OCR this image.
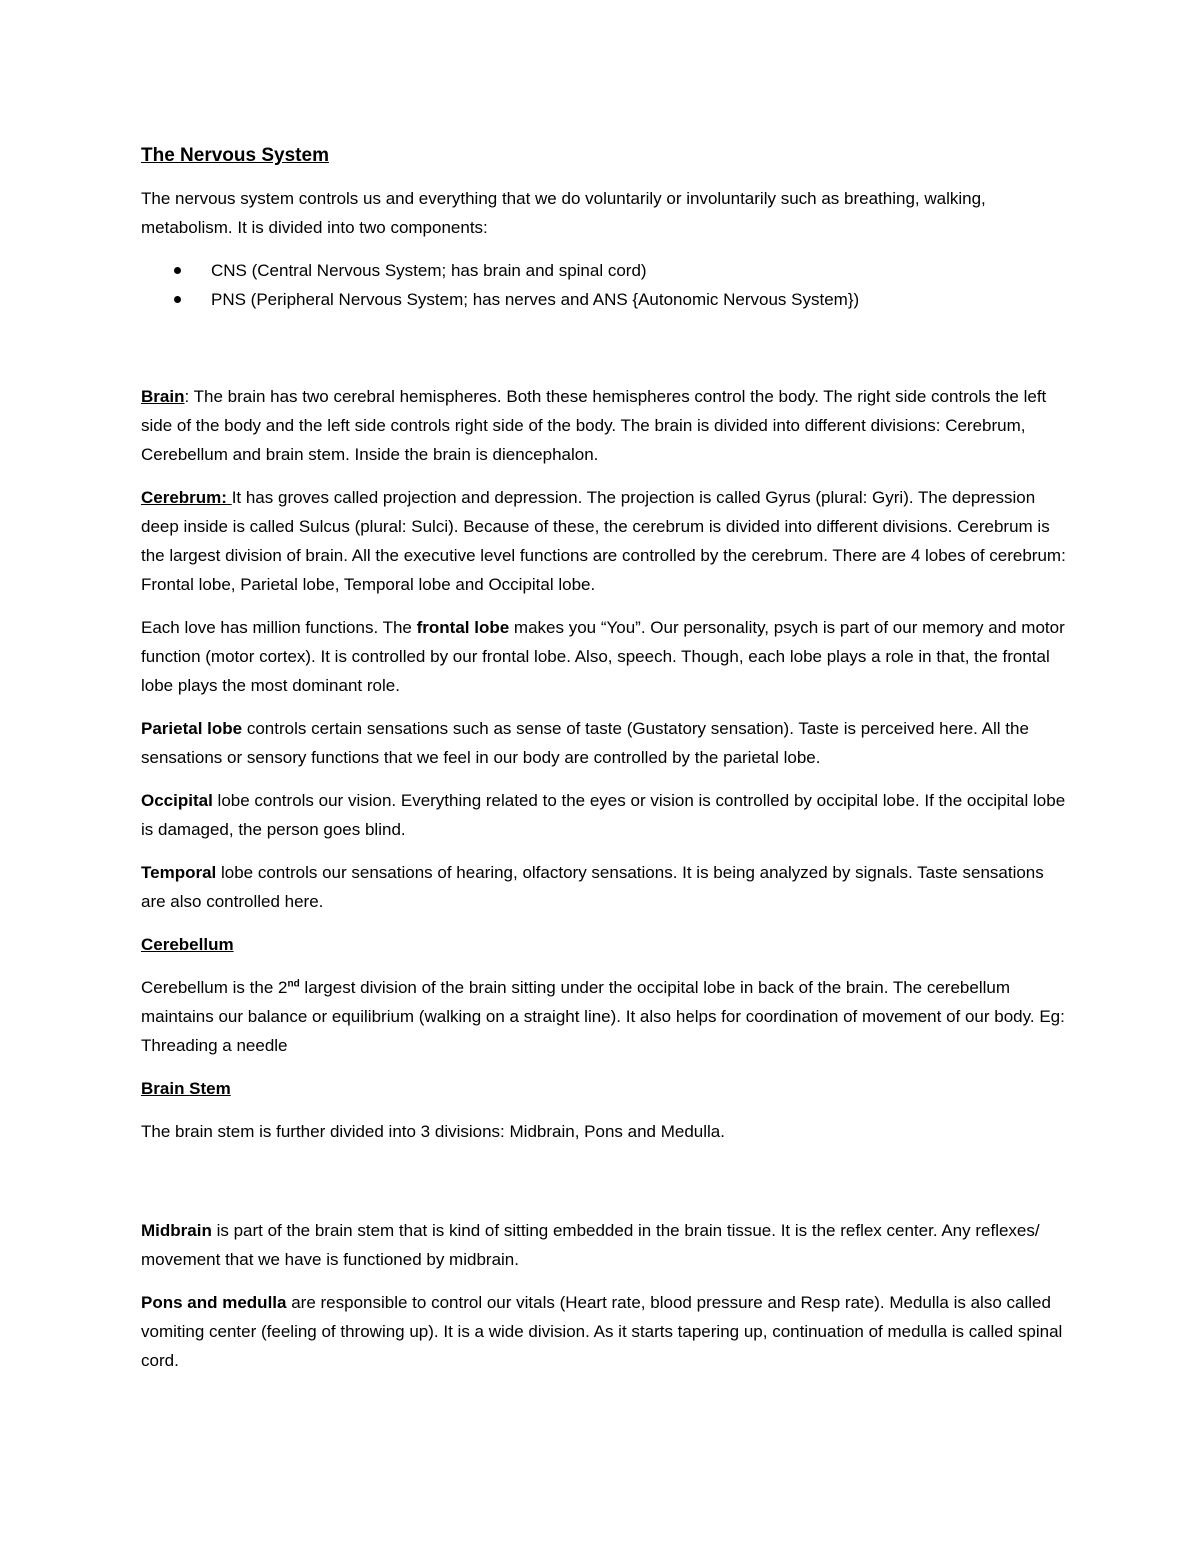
The Nervous System

The nervous system controls us and everything that we do voluntarily or involuntarily such as breathing, walking, metabolism. It is divided into two components:

CNS (Central Nervous System; has brain and spinal cord)
PNS (Peripheral Nervous System; has nerves and ANS {Autonomic Nervous System})

Brain: The brain has two cerebral hemispheres. Both these hemispheres control the body. The right side controls the left side of the body and the left side controls right side of the body. The brain is divided into different divisions: Cerebrum, Cerebellum and brain stem. Inside the brain is diencephalon.

Cerebrum: It has groves called projection and depression. The projection is called Gyrus (plural: Gyri). The depression deep inside is called Sulcus (plural: Sulci). Because of these, the cerebrum is divided into different divisions. Cerebrum is the largest division of brain. All the executive level functions are controlled by the cerebrum. There are 4 lobes of cerebrum: Frontal lobe, Parietal lobe, Temporal lobe and Occipital lobe.

Each love has million functions. The frontal lobe makes you “You”. Our personality, psych is part of our memory and motor function (motor cortex). It is controlled by our frontal lobe. Also, speech. Though, each lobe plays a role in that, the frontal lobe plays the most dominant role.

Parietal lobe controls certain sensations such as sense of taste (Gustatory sensation). Taste is perceived here. All the sensations or sensory functions that we feel in our body are controlled by the parietal lobe.

Occipital lobe controls our vision. Everything related to the eyes or vision is controlled by occipital lobe. If the occipital lobe is damaged, the person goes blind.

Temporal lobe controls our sensations of hearing, olfactory sensations. It is being analyzed by signals. Taste sensations are also controlled here.

Cerebellum

Cerebellum is the 2nd largest division of the brain sitting under the occipital lobe in back of the brain. The cerebellum maintains our balance or equilibrium (walking on a straight line). It also helps for coordination of movement of our body. Eg: Threading a needle

Brain Stem

The brain stem is further divided into 3 divisions: Midbrain, Pons and Medulla.

Midbrain is part of the brain stem that is kind of sitting embedded in the brain tissue. It is the reflex center. Any reflexes/ movement that we have is functioned by midbrain.

Pons and medulla are responsible to control our vitals (Heart rate, blood pressure and Resp rate). Medulla is also called vomiting center (feeling of throwing up). It is a wide division. As it starts tapering up, continuation of medulla is called spinal cord.
